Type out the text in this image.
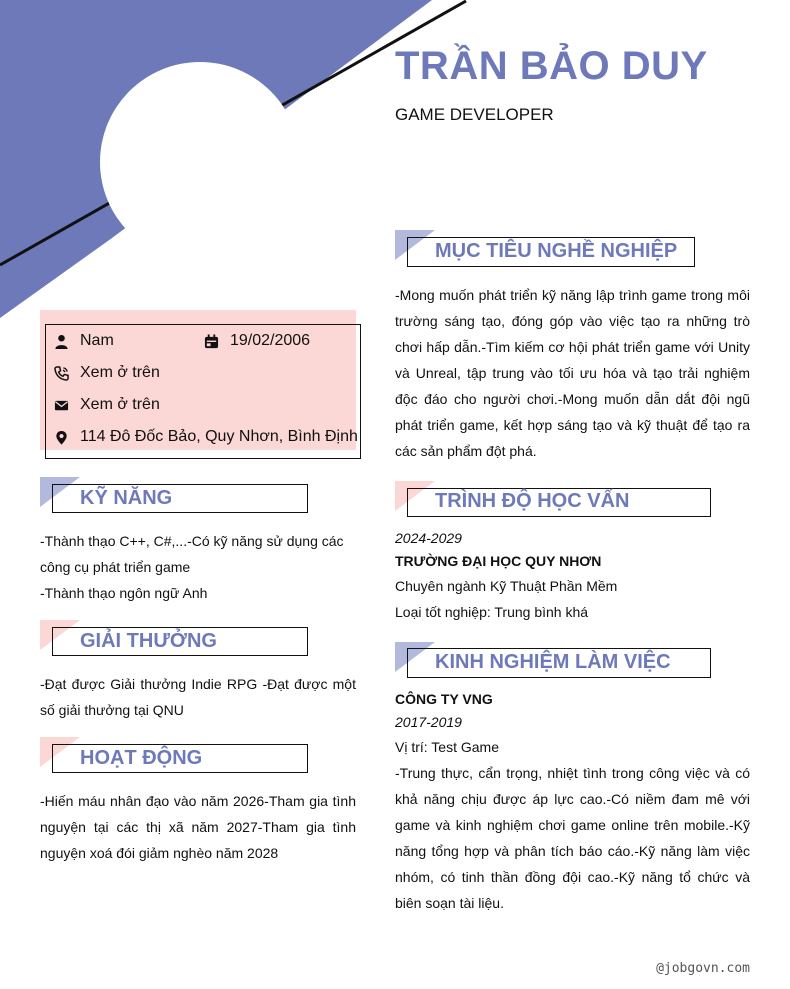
TRẦN BẢO DUY
GAME DEVELOPER
Nam	19/02/2006
Xem ở trên
Xem ở trên
114 Đô Đốc Bảo, Quy Nhơn, Bình Định
KỸ NĂNG
-Thành thạo C++, C#,...-Có kỹ năng sử dụng các
công cụ phát triển game
-Thành thạo ngôn ngữ Anh
GIẢI THƯỞNG
-Đạt được Giải thưởng Indie RPG -Đạt được một số giải thưởng tại QNU
HOẠT ĐỘNG
-Hiến máu nhân đạo vào năm 2026-Tham gia tình nguyện tại các thị xã năm 2027-Tham gia tình nguyện xoá đói giảm nghèo năm 2028
MỤC TIÊU NGHỀ NGHIỆP
-Mong muốn phát triển kỹ năng lập trình game trong môi trường sáng tạo, đóng góp vào việc tạo ra những trò chơi hấp dẫn.-Tìm kiếm cơ hội phát triển game với Unity và Unreal, tập trung vào tối ưu hóa và tạo trải nghiệm độc đáo cho người chơi.-Mong muốn dẫn dắt đội ngũ phát triển game, kết hợp sáng tạo và kỹ thuật để tạo ra các sản phẩm đột phá.
TRÌNH ĐỘ HỌC VẤN
2024-2029
TRƯỜNG ĐẠI HỌC QUY NHƠN
Chuyên ngành Kỹ Thuật Phần Mềm
Loại tốt nghiệp: Trung bình khá
KINH NGHIỆM LÀM VIỆC
CÔNG TY VNG
2017-2019
Vị trí: Test Game
-Trung thực, cẩn trọng, nhiệt tình trong công việc và có khả năng chịu được áp lực cao.-Có niềm đam mê với game và kinh nghiệm chơi game online trên mobile.-Kỹ năng tổng hợp và phân tích báo cáo.-Kỹ năng làm việc nhóm, có tinh thần đồng đội cao.-Kỹ năng tổ chức và biên soạn tài liệu.
@jobgovn.com
